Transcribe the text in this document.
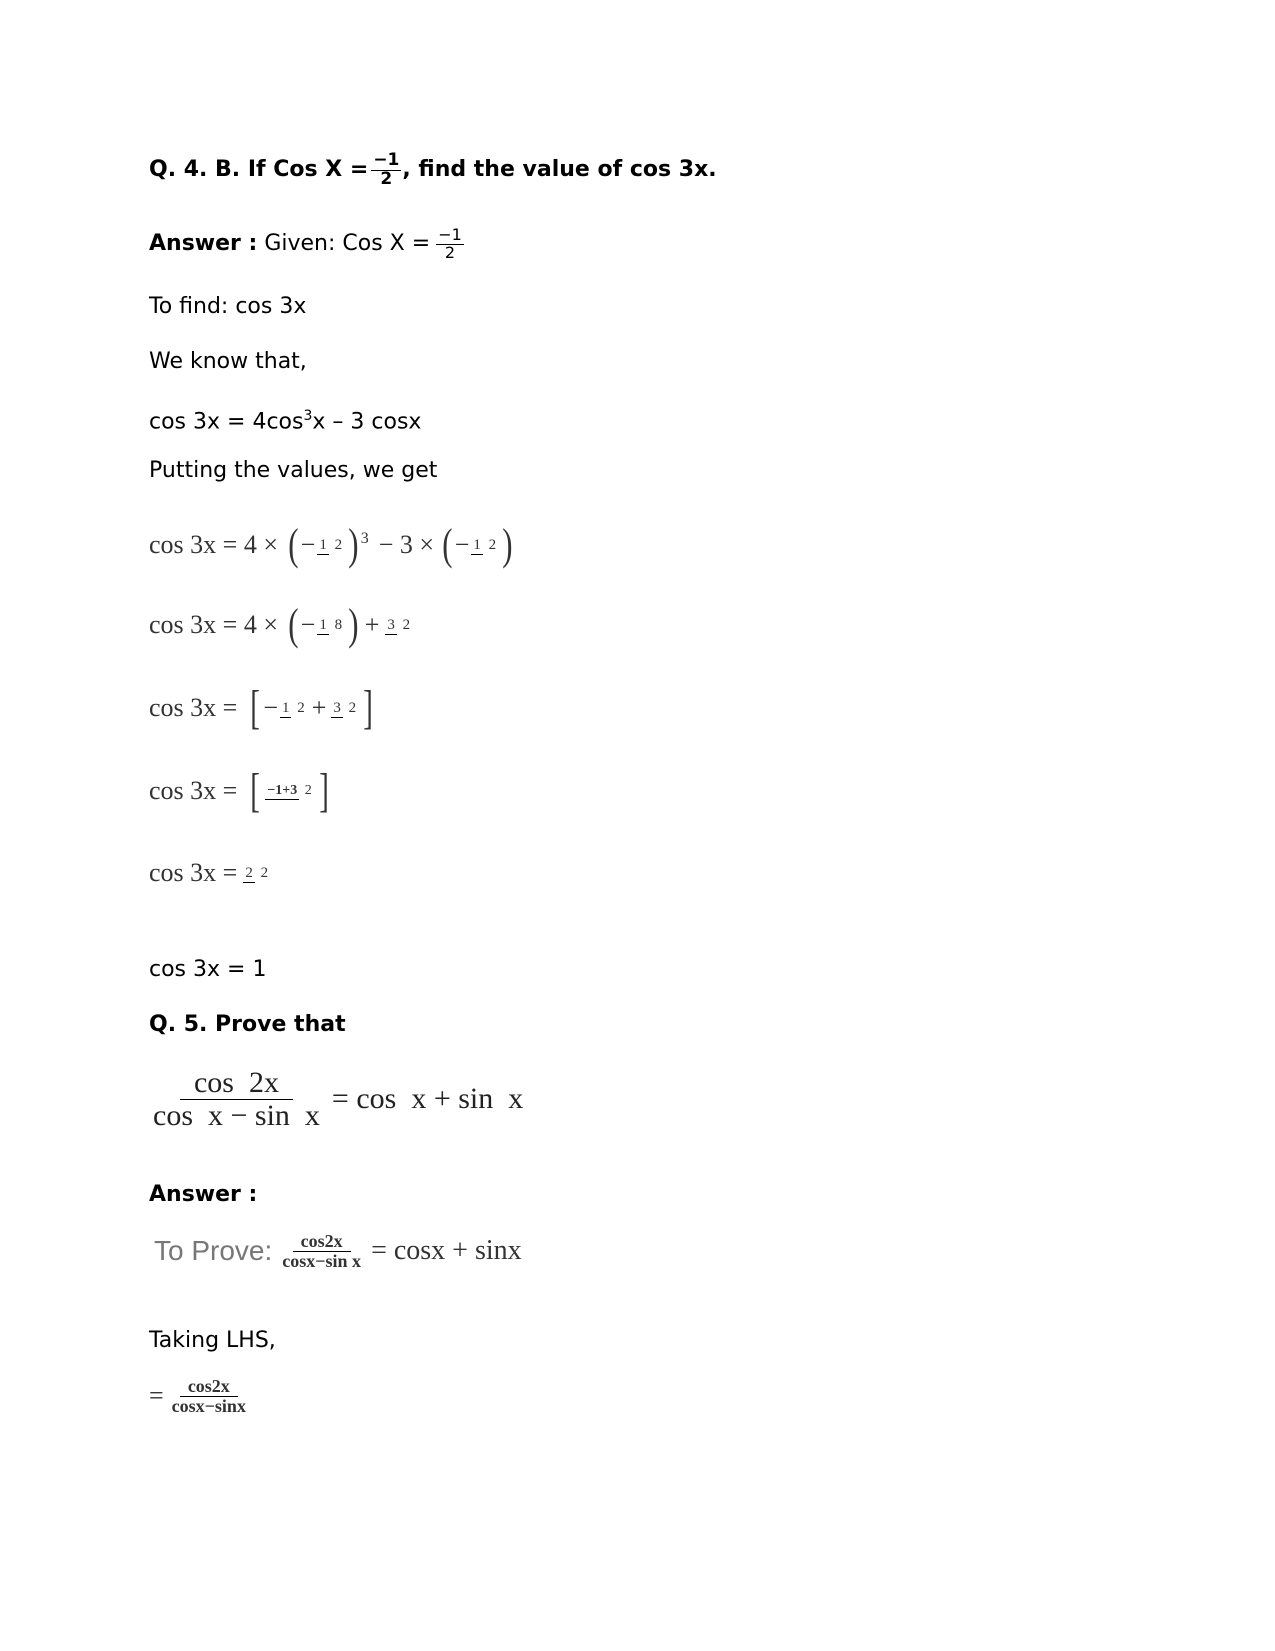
Q. 4. B. If Cos $X = \frac{-1}{2}$ , find the value of cos 3x.
Answer : Given: Cos $X = \frac{-1}{2}$
To find: cos 3x
We know that,
$\cos 3x = 4\cos^3x - 3$ cosx
Putting the values, we get
cos 3x = 4 × ( − 1 2 )$^3$ − 3 × ( − 1 2 )
cos 3x = 4 × ( − 1 8 ) + 3 2
cos 3x = [ − 1 2 + 3 2 ]
cos 3x = [ −1+3 2 ]
cos 3x = 2 2
cos 3x = 1
Q. 5. Prove that
$\frac{\cos 2x}{\text{cos  x − sin  x}} = \cos x + \sin x$
Answer :
To Prove: $\frac{\cos 2x}{\text{cosx−sin x}} = \cos x + \sin x$
Taking LHS,
= $\frac{\cos 2x}{\cos x-\sin x}$
